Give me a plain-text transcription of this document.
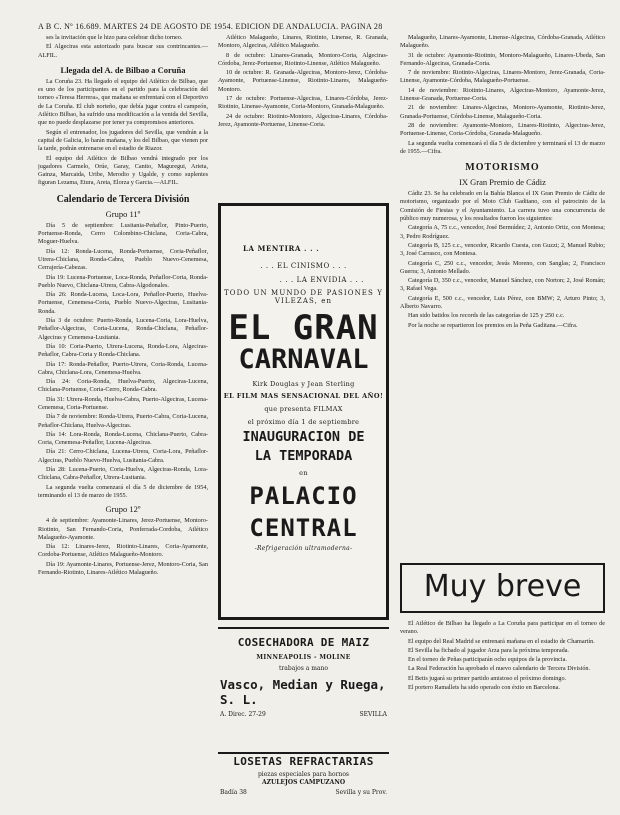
A B C. Nº 16.689. MARTES 24 DE AGOSTO DE 1954. EDICION DE ANDALUCIA. PAGINA 28

ses la invitación que le hizo para celebrar dicho torneo.

El Algeciras esta autorizado para buscar sus contrincantes.—ALFIL.

Llegada del A. de Bilbao a Coruña

La Coruña 23. Ha llegado el equipo del Atlético de Bilbao, que es uno de los participantes en el partido para la celebración del torneo «Teresa Herrera», que mañana se enfrentará con el Deportivo de La Coruña. El club norteño, que debía jugar contra el campeón, Atlético Bilbao, ha sufrido una modificación a la venida del Sevilla, que no puede desplazarse por tener ya compromisos anteriores.

Según el entrenador, los jugadores del Sevilla, que vendrán a la capital de Galicia, lo harán mañana, y los del Bilbao, que vienen por la tarde, podrán entrenarse en el estadio de Riazor.

El equipo del Atlético de Bilbao vendrá integrado por los jugadores Carmelo, Orúe, Garay, Canito, Maguregui, Arieta, Gainza, Marcaida, Uribe, Merodio y Ugalde, y como suplentes figuran Lezama, Etura, Areta, Elorza y Garcia.—ALFIL.

Calendario de Tercera División
Grupo 11º

Día 5 de septiembre: Lusitania-Peñaflor, Pinto-Puerto, Portuense-Ronda, Cerro Colombino-Chiclana, Coria-Cabra, Moguer-Huelva.

Día 12: Ronda-Lucena, Ronda-Portuense, Coria-Peñaflor, Utrera-Chiclana, Ronda-Cabra, Pueblo Nuevo-Cenemesa, Cerrajería-Cabezas.

Día 19: Lucena-Portuense, Loca-Ronda, Peñaflor-Coria, Ronda-Pueblo Nuevo, Chiclana-Utrera, Cabra-Algodonales.

Día 26: Ronda-Lucena, Loca-Lora, Peñaflor-Puerto, Huelva-Portuense, Cenemesa-Coria, Pueblo Nuevo-Algeciras, Lusitania-Ronda.

Día 3 de octubre: Puerto-Ronda, Lucena-Coria, Lora-Huelva, Peñaflor-Algeciras, Coria-Lucena, Ronda-Chiclana, Peñaflor-Algeciras y Cenemesa-Lusitania.

Día 10: Coria-Puerto, Utrera-Lucena, Ronda-Lora, Algeciras-Peñaflor, Cabra-Coria y Ronda-Chiclana.

Día 17: Ronda-Peñaflor, Puerto-Utrera, Coria-Ronda, Lucena-Cabra, Chiclana-Lora, Cenemesa-Huelva.

Día 24: Coria-Ronda, Huelva-Puerto, Algeciras-Lucena, Chiclana-Portuense, Coria-Cerro, Ronda-Cabra.

Día 31: Utrera-Ronda, Huelva-Cabra, Puerto-Algeciras, Lucena-Cenemesa, Coria-Portuense.

Día 7 de noviembre: Ronda-Utrera, Puerto-Cabra, Coria-Lucena, Peñaflor-Chiclana, Huelva-Algeciras.

Día 14: Lora-Ronda, Ronda-Lucena, Chiclana-Puerto, Cabra-Coria, Cenemesa-Peñaflor, Lucena-Algeciras.

Día 21: Cerro-Chiclana, Lucena-Utrera, Coria-Lora, Peñaflor-Algeciras, Pueblo Nuevo-Huelva, Lusitania-Cabra.

Día 28: Lucena-Puerto, Coria-Huelva, Algeciras-Ronda, Lora-Chiclana, Cabra-Peñaflor, Utrera-Lusitania.

La segunda vuelta comenzará el día 5 de diciembre de 1954, terminando el 13 de marzo de 1955.

Grupo 12º

4 de septiembre: Ayamonte-Linares, Jerez-Portuense, Montoro-Riotinto, San Fernando-Coria, Ponferrada-Cordoba, Atlético Malagueño-Ayamonte.

Día 12: Linares-Jerez, Riotinto-Linares, Coria-Ayamonte, Cordoba-Portuense, Atlético Malagueño-Montoro.

Día 19: Ayamonte-Linares, Portuense-Jerez, Montoro-Coria, San Fernando-Riotinto, Linares-Atlético Malagueño.

Atlético Malagueño, Linares, Riotinto, Linense, R. Granada, Montoro, Algeciras, Atlético Malagueño.

8 de octubre: Linares-Granada, Montoro-Coria, Algeciras-Córdoba, Jerez-Portuense, Riotinto-Linense, Atlético Malagueño.

10 de octubre: R. Granada-Algeciras, Montoro-Jerez, Córdoba-Ayamonte, Portuense-Linense, Riotinto-Linares, Malagueño-Montoro.

17 de octubre: Portuense-Algeciras, Linares-Córdoba, Jerez-Riotinto, Linense-Ayamonte, Coria-Montoro, Granada-Malagueño.

24 de octubre: Riotinto-Montoro, Algeciras-Linares, Córdoba-Jerez, Ayamonte-Portuense, Linense-Coria.

LA MENTIRA . . .
. . . EL CINISMO . . .
. . . LA ENVIDIA . . .
TODO UN MUNDO DE PASIONES Y VILEZAS, en
EL GRAN
CARNAVAL
Kirk Douglas y Jean Sterling
EL FILM MAS SENSACIONAL DEL AÑO!
que presenta FILMAX
el próximo día 1 de septiembre
INAUGURACION DE
LA TEMPORADA
en
PALACIO
CENTRAL
-Refrigeración ultramoderna-
COSECHADORA DE MAIZ
MINNEAPOLIS - MOLINE
trabajos a mano
Vasco, Median y Ruega, S. L.
A. Direc. 27-29	SEVILLA
LOSETAS REFRACTARIAS
piezas especiales para hornos
AZULEJOS CAMPUZANO
Badía 38	Sevilla y su Prov.

Malagueño, Linares-Ayamonte, Linense-Algeciras, Córdoba-Granada, Atlético Malagueño.

31 de octubre: Ayamonte-Riotinto, Montoro-Malagueño, Linares-Ubeda, San Fernando-Algeciras, Granada-Coria.

7 de noviembre: Riotinto-Algeciras, Linares-Montoro, Jerez-Granada, Coria-Linense, Ayamonte-Córdoba, Malagueño-Portuense.

14 de noviembre: Riotinto-Linares, Algeciras-Montoro, Ayamonte-Jerez, Linense-Granada, Portuense-Coria.

21 de noviembre: Linares-Algeciras, Montoro-Ayamonte, Riotinto-Jerez, Granada-Portuense, Córdoba-Linense, Malagueño-Coria.

28 de noviembre: Ayamonte-Montoro, Linares-Riotinto, Algeciras-Jerez, Portuense-Linense, Coria-Córdoba, Granada-Malagueño.

La segunda vuelta comenzará el día 5 de diciembre y terminará el 13 de marzo de 1955.—Cifra.

MOTORISMO
IX Gran Premio de Cádiz

Cádiz 23. Se ha celebrado en la Bahía Blanca el IX Gran Premio de Cádiz de motorismo, organizado por el Moto Club Gaditano, con el patrocinio de la Comisión de Fiestas y el Ayuntamiento. La carrera tuvo una concurrencia de público muy numerosa, y los resultados fueron los siguientes:

Categoría A, 75 c.c., vencedor, José Bermúdez; 2, Antonio Ortiz, con Montesa; 3, Pedro Rodríguez.

Categoría B, 125 c.c., vencedor, Ricardo Cuesta, con Guzzi; 2, Manuel Rubio; 3, José Carrasco, con Montesa.

Categoría C, 250 c.c., vencedor, Jesús Moreno, con Sanglas; 2, Francisco Guerra; 3, Antonio Mellado.

Categoría D, 350 c.c., vencedor, Manuel Sánchez, con Norton; 2, José Román; 3, Rafael Vega.

Categoría E, 500 c.c., vencedor, Luis Pérez, con BMW; 2, Arturo Pinto; 3, Alberto Navarro.

Han sido batidos los records de las categorías de 125 y 250 c.c.

Por la noche se repartieron los premios en la Peña Gaditana.—Cifra.

Muy breve

El Atlético de Bilbao ha llegado a La Coruña para participar en el torneo de verano.

El equipo del Real Madrid se entrenará mañana en el estadio de Chamartín.

El Sevilla ha fichado al jugador Arza para la próxima temporada.

En el torneo de Peñas participarán ocho equipos de la provincia.

La Real Federación ha aprobado el nuevo calendario de Tercera División.

El Betis jugará su primer partido amistoso el próximo domingo.

El portero Ramallets ha sido operado con éxito en Barcelona.
